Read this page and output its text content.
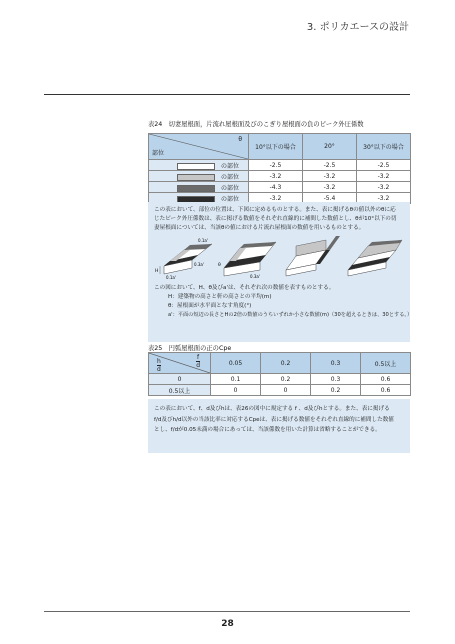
3. ポリカエースの設計
表24　切妻屋根面，片流れ屋根面及びのこぎり屋根面の負のピーク外圧係数
θ
部位	10°以下の場合	20°	30°以下の場合
の部位	-2.5	-2.5	-2.5
の部位	-3.2	-3.2	-3.2
の部位	-4.3	-3.2	-3.2
の部位	-3.2	-5.4	-3.2

この表において、部位の位置は、下図に定めるものとする。また、表に掲げるθの値以外のθに応

じたピーク外圧係数は、表に掲げる数値をそれぞれ直線的に補間した数値とし、θが10°以下の切

妻屋根面については、当該θの値における片流れ屋根面の数値を用いるものとする。

H
0.1a'
0.3a'
0.1a'
0.3a'
θ

この図において、H、θ及びa'は、それぞれ次の数値を表すものとする。

H：建築物の高さと軒の高さとの平均(m)

θ：屋根面が水平面となす角度(°)

a'：平面の短辺の長さとHの2倍の数値のうちいずれか小さな数値(m)（30を超えるときは、30とする。）

表25　円弧屋根面の正のCpe
$\frac{f}{d}$
$\frac{h}{d}$	0.05	0.2	0.3	0.5以上
0	0.1	0.2	0.3	0.6
0.5以上	0	0	0.2	0.6

この表において、f、d及びhは、表26の図中に規定する f 、d及びhとする。また、表に掲げる

f/d及びh/d以外の当該比率に対応するCpeは、表に掲げる数値をそれぞれ直線的に補間した数値

とし、f/dが0.05未満の場合にあっては、当該係数を用いた計算は省略することができる。

28
